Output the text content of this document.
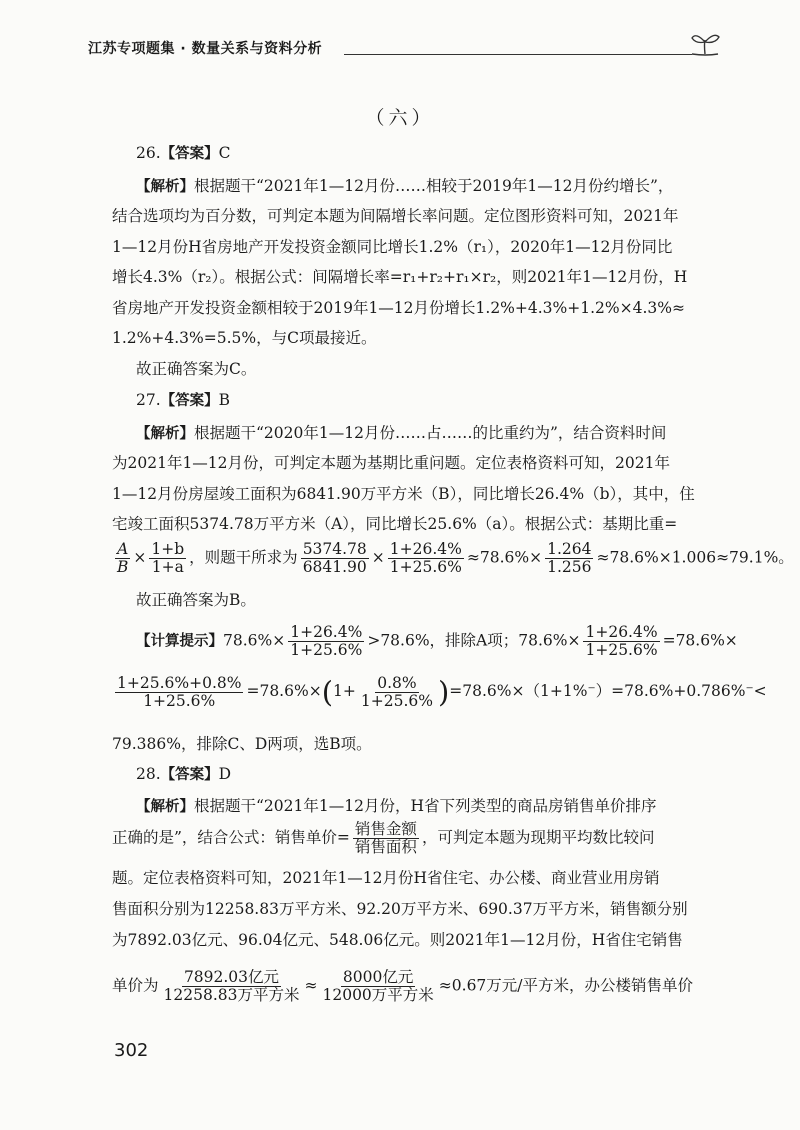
江苏专项题集 · 数量关系与资料分析
（六）
26.【答案】C
【解析】根据题干“2021年1—12月份……相较于2019年1—12月份约增长”，
结合选项均为百分数，可判定本题为间隔增长率问题。定位图形资料可知，2021年
1—12月份H省房地产开发投资金额同比增长1.2%（r₁），2020年1—12月份同比
增长4.3%（r₂）。根据公式：间隔增长率=r₁+r₂+r₁×r₂，则2021年1—12月份，H
省房地产开发投资金额相较于2019年1—12月份增长1.2%+4.3%+1.2%×4.3%≈
1.2%+4.3%=5.5%，与C项最接近。
故正确答案为C。
27.【答案】B
【解析】根据题干“2020年1—12月份……占……的比重约为”，结合资料时间
为2021年1—12月份，可判定本题为基期比重问题。定位表格资料可知，2021年
1—12月份房屋竣工面积为6841.90万平方米（B），同比增长26.4%（b），其中，住
宅竣工面积5374.78万平方米（A），同比增长25.6%（a）。根据公式：基期比重=
$\frac{A}{B} \times \frac{1+b}{1+a}$ ，则题干所求为 $\frac{5374.78}{6841.90} \times \frac{1+26.4\%}{1+25.6\%} \approx 78.6\%\times \frac{1.264}{1.256} \approx 78.6\%\times 1.006\approx 79.1\%$。
故正确答案为B。
【计算提示】$78.6\%\times \frac{1+26.4\%}{1+25.6\%} >78.6\%$，排除A项；$78.6\%\times \frac{1+26.4\%}{1+25.6\%} =78.6\%\times$
$\frac{1+25.6\%+0.8\%}{1+25.6\%} =78.6\%\times(1+ \frac{0.8\%}{1+25.6\%} )=78.6\%\times(1+1\%^-)=78.6\%+0.786\%^-<$
79.386%，排除C、D两项，选B项。
28.【答案】D
【解析】根据题干“2021年1—12月份，H省下列类型的商品房销售单价排序
正确的是”，结合公式：销售单价= $\frac{\text{销售金额}}{\text{销售面积}}$ ，可判定本题为现期平均数比较问
题。定位表格资料可知，2021年1—12月份H省住宅、办公楼、商业营业用房销
售面积分别为12258.83万平方米、92.20万平方米、690.37万平方米，销售额分别
为7892.03亿元、96.04亿元、548.06亿元。则2021年1—12月份，H省住宅销售
单价为 $\frac{\text{7892.03亿元}}{\text{12258.83万平方米}} \approx \frac{\text{8000亿元}}{\text{12000万平方米}} \approx 0.67$万元/平方米，办公楼销售单价
302
